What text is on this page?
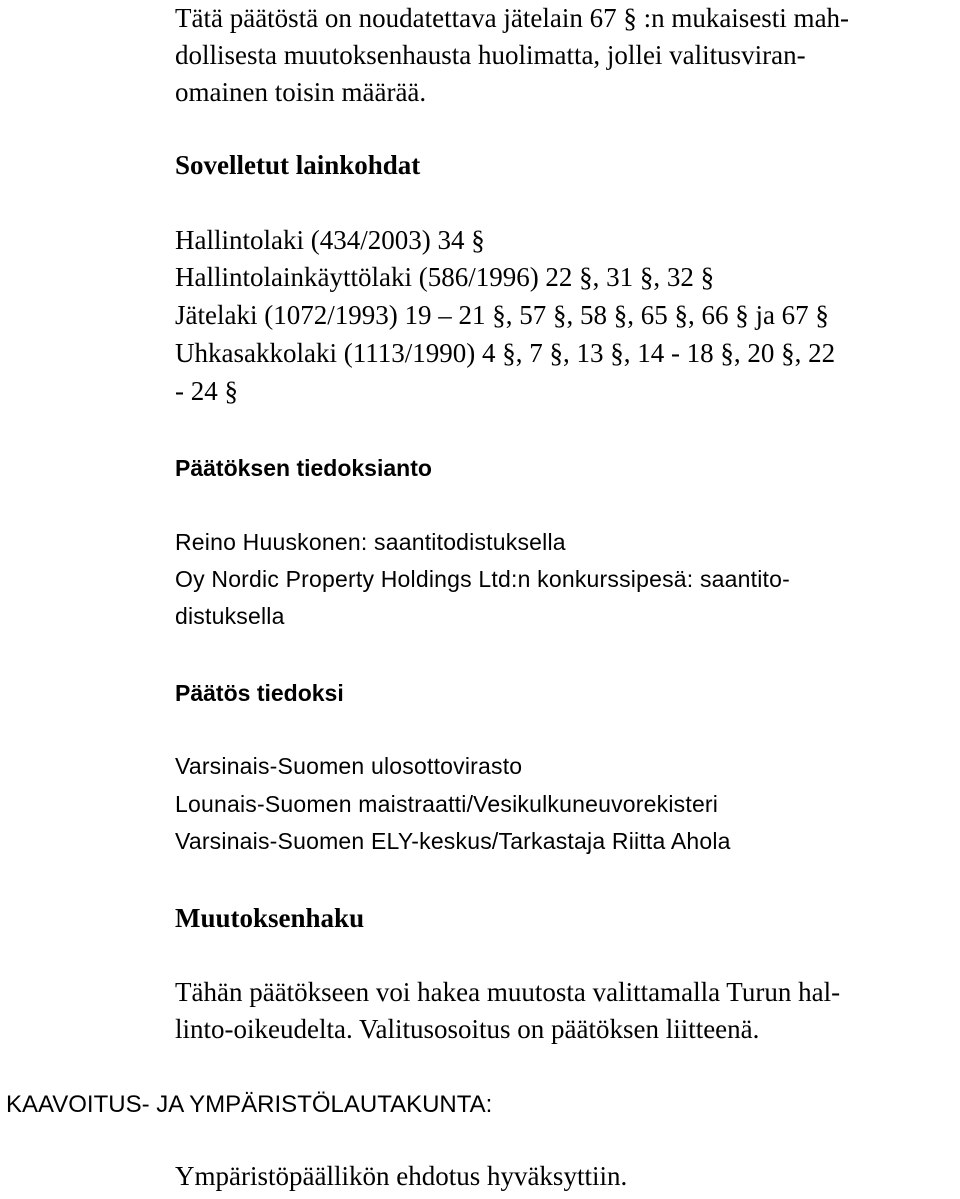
Tätä päätöstä on noudatettava jätelain 67 § :n mukaisesti mah-
dollisesta muutoksenhausta huolimatta, jollei valitusviran-
omainen toisin määrää.
Sovelletut lainkohdat
Hallintolaki (434/2003) 34 §
Hallintolainkäyttölaki (586/1996) 22 §, 31 §, 32 §
Jätelaki (1072/1993) 19 – 21 §, 57 §, 58 §, 65 §, 66 § ja 67 §
Uhkasakkolaki (1113/1990) 4 §, 7 §, 13 §, 14 - 18 §, 20 §, 22
- 24 §
Päätöksen tiedoksianto
Reino Huuskonen: saantitodistuksella
Oy Nordic Property Holdings Ltd:n konkurssipesä: saantito-
distuksella
Päätös tiedoksi
Varsinais-Suomen ulosottovirasto
Lounais-Suomen maistraatti/Vesikulkuneuvorekisteri
Varsinais-Suomen ELY-keskus/Tarkastaja Riitta Ahola
Muutoksenhaku
Tähän päätökseen voi hakea muutosta valittamalla Turun hal-
linto-oikeudelta. Valitusosoitus on päätöksen liitteenä.
KAAVOITUS- JA YMPÄRISTÖLAUTAKUNTA:
Ympäristöpäällikön ehdotus hyväksyttiin.
